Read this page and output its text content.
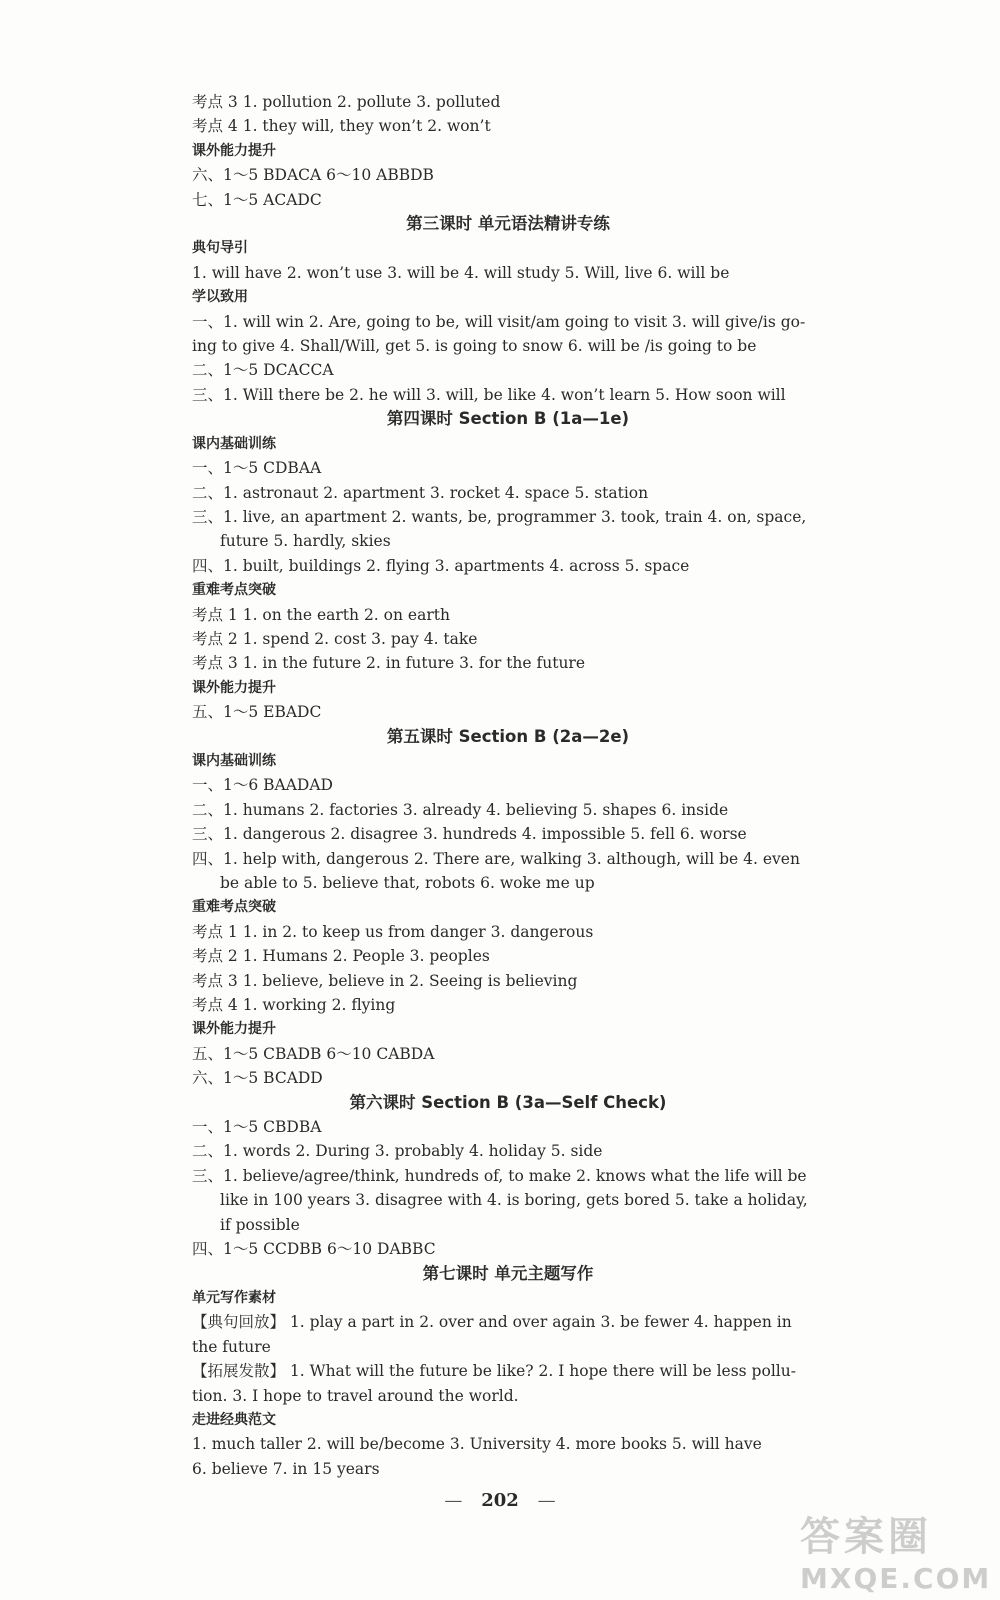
考点 3 1. pollution 2. pollute 3. polluted
考点 4 1. they will, they won’t 2. won’t
课外能力提升
六、1～5 BDACA 6～10 ABBDB
七、1～5 ACADC
第三课时 单元语法精讲专练
典句导引
1. will have 2. won’t use 3. will be 4. will study 5. Will, live 6. will be
学以致用
一、1. will win 2. Are, going to be, will visit/am going to visit 3. will give/is go-
ing to give 4. Shall/Will, get 5. is going to snow 6. will be /is going to be
二、1～5 DCACCA
三、1. Will there be 2. he will 3. will, be like 4. won’t learn 5. How soon will
第四课时 Section B (1a—1e)
课内基础训练
一、1～5 CDBAA
二、1. astronaut 2. apartment 3. rocket 4. space 5. station
三、1. live, an apartment 2. wants, be, programmer 3. took, train 4. on, space,
future 5. hardly, skies
四、1. built, buildings 2. flying 3. apartments 4. across 5. space
重难考点突破
考点 1 1. on the earth 2. on earth
考点 2 1. spend 2. cost 3. pay 4. take
考点 3 1. in the future 2. in future 3. for the future
课外能力提升
五、1～5 EBADC
第五课时 Section B (2a—2e)
课内基础训练
一、1～6 BAADAD
二、1. humans 2. factories 3. already 4. believing 5. shapes 6. inside
三、1. dangerous 2. disagree 3. hundreds 4. impossible 5. fell 6. worse
四、1. help with, dangerous 2. There are, walking 3. although, will be 4. even
be able to 5. believe that, robots 6. woke me up
重难考点突破
考点 1 1. in 2. to keep us from danger 3. dangerous
考点 2 1. Humans 2. People 3. peoples
考点 3 1. believe, believe in 2. Seeing is believing
考点 4 1. working 2. flying
课外能力提升
五、1～5 CBADB 6～10 CABDA
六、1～5 BCADD
第六课时 Section B (3a—Self Check)
一、1～5 CBDBA
二、1. words 2. During 3. probably 4. holiday 5. side
三、1. believe/agree/think, hundreds of, to make 2. knows what the life will be
like in 100 years 3. disagree with 4. is boring, gets bored 5. take a holiday,
if possible
四、1～5 CCDBB 6～10 DABBC
第七课时 单元主题写作
单元写作素材
【典句回放】 1. play a part in 2. over and over again 3. be fewer 4. happen in
the future
【拓展发散】 1. What will the future be like? 2. I hope there will be less pollu-
tion. 3. I hope to travel around the world.
走进经典范文
1. much taller 2. will be/become 3. University 4. more books 5. will have
6. believe 7. in 15 years
— 202 —
答案圈
MXQE.COM
